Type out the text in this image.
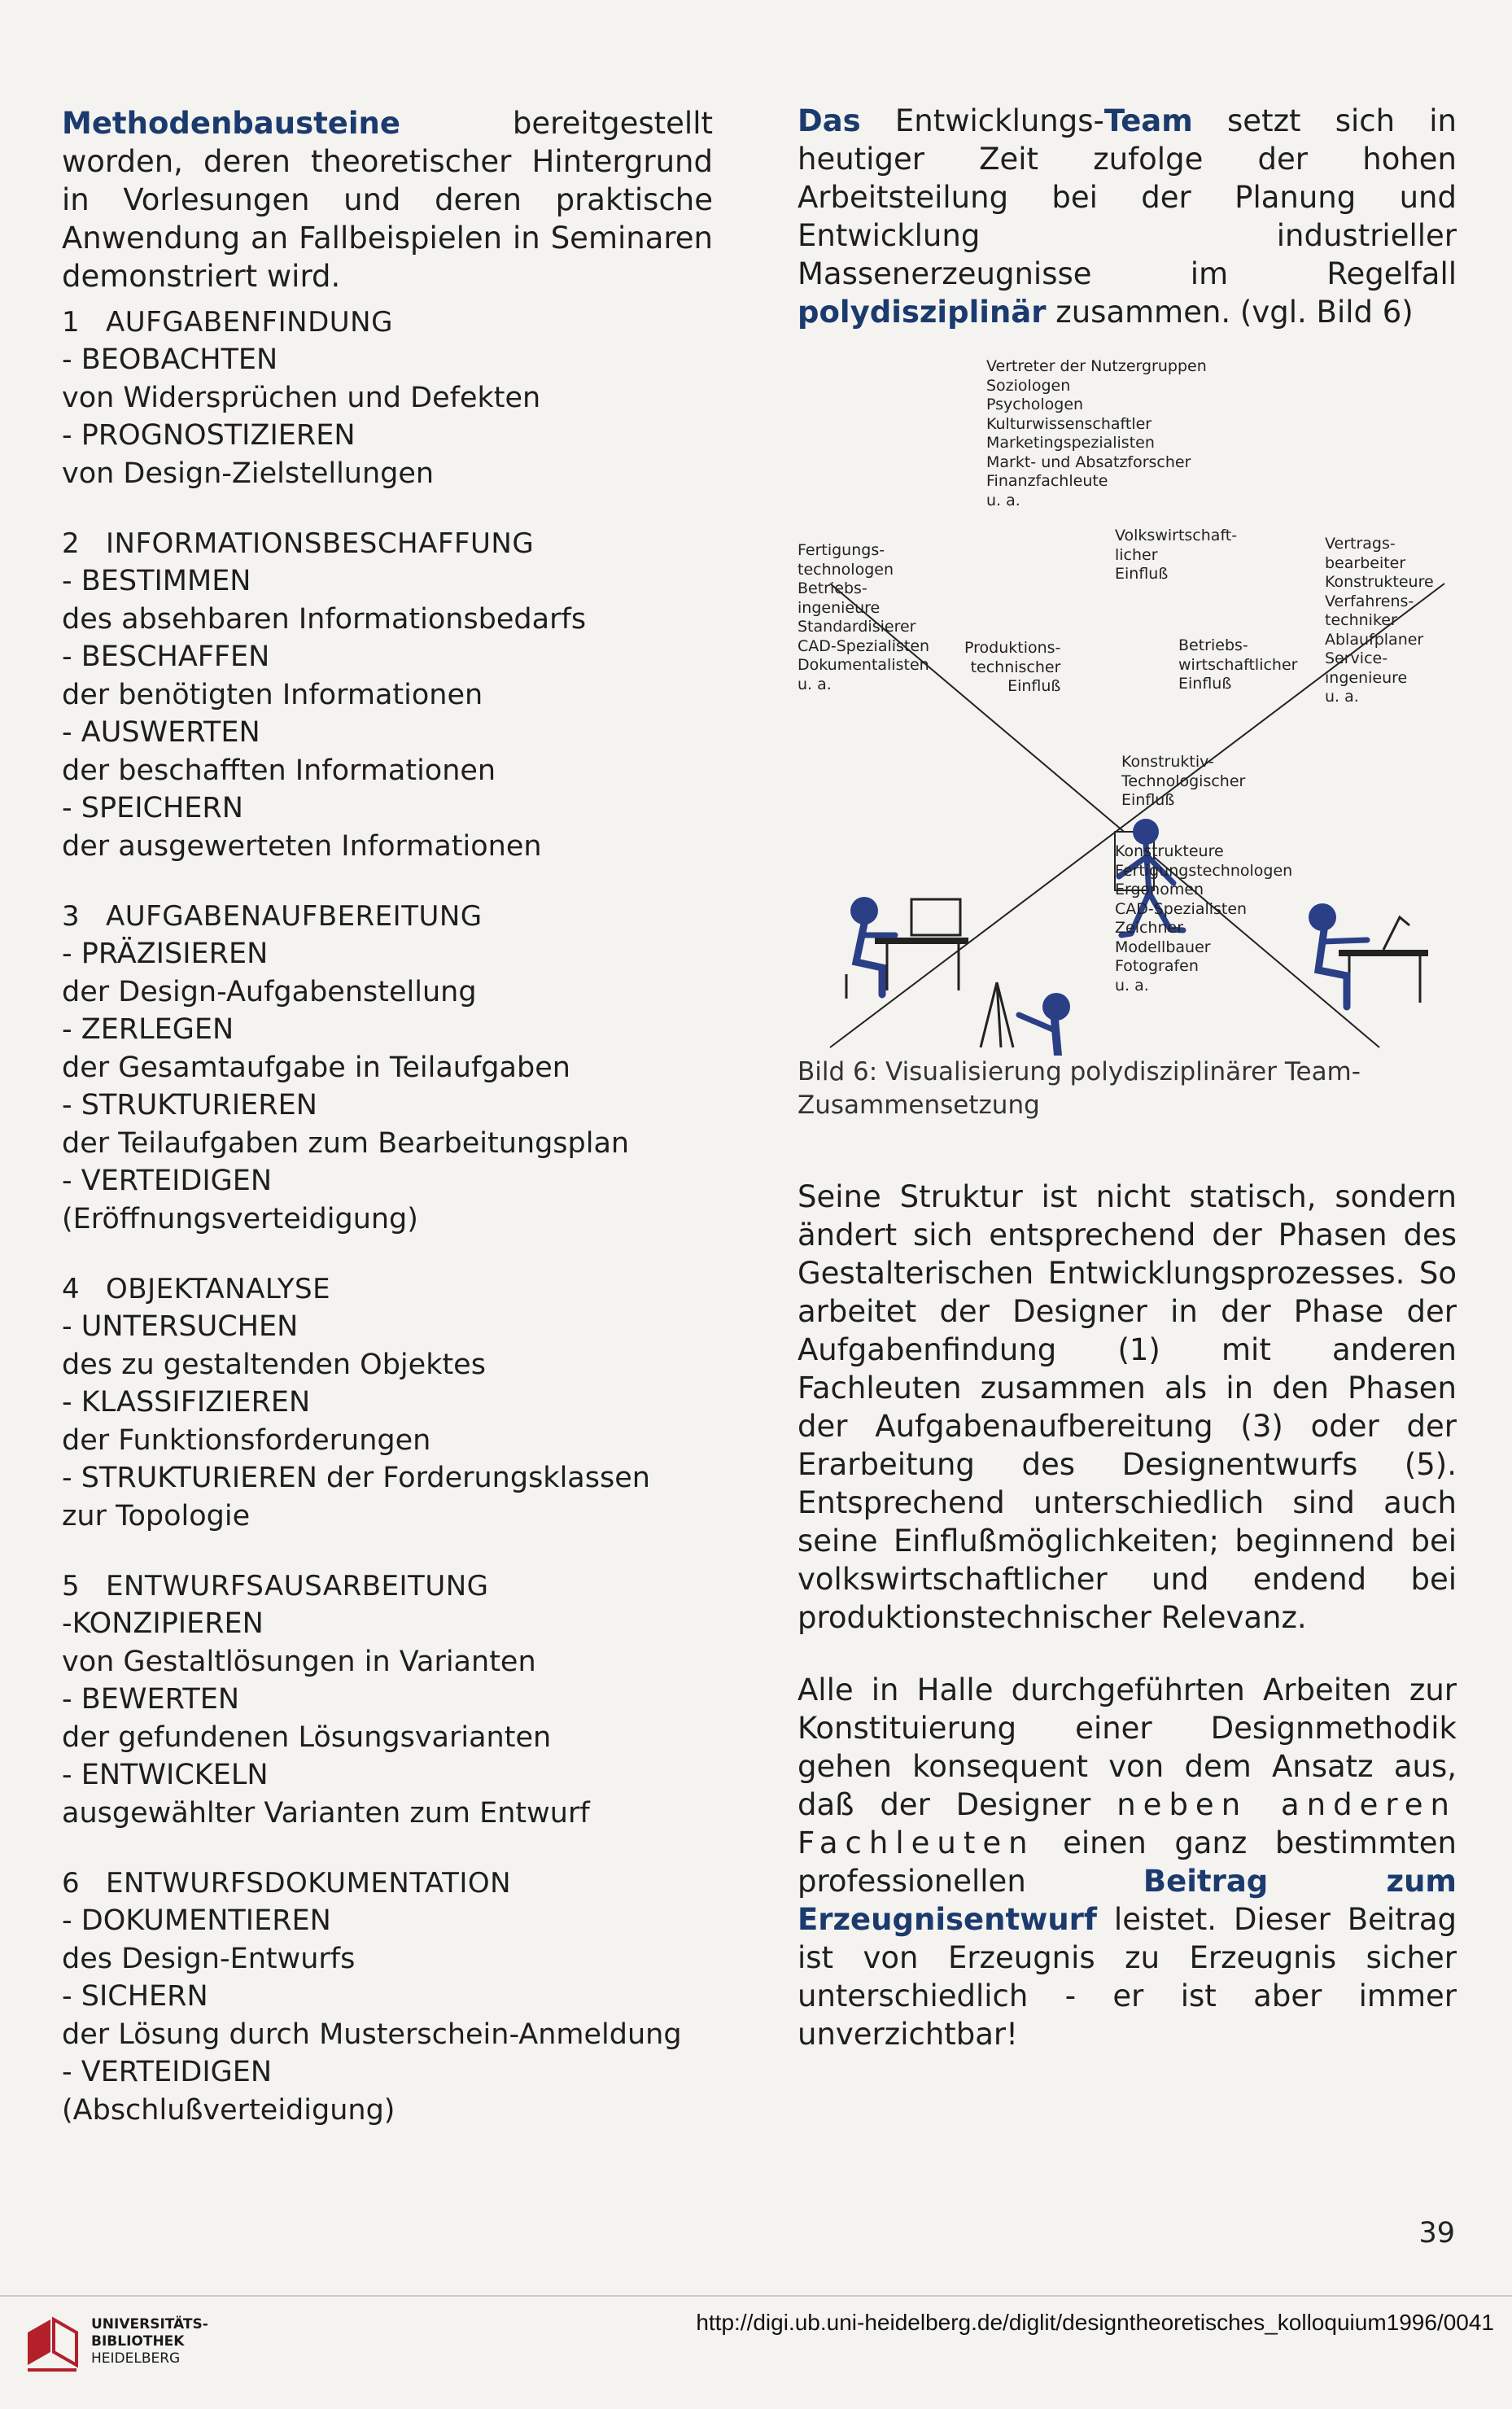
Methodenbausteine bereitgestellt worden, deren theoretischer Hintergrund in Vorlesungen und deren praktische Anwendung an Fallbeispielen in Seminaren demonstriert wird.

1 AUFGABENFINDUNG

- BEOBACHTEN

von Widersprüchen und Defekten

- PROGNOSTIZIEREN

von Design-Zielstellungen

2 INFORMATIONSBESCHAFFUNG

- BESTIMMEN

des absehbaren Informationsbedarfs

- BESCHAFFEN

der benötigten Informationen

- AUSWERTEN

der beschafften Informationen

- SPEICHERN

der ausgewerteten Informationen

3 AUFGABENAUFBEREITUNG

- PRÄZISIEREN

der Design-Aufgabenstellung

- ZERLEGEN

der Gesamtaufgabe in Teilaufgaben

- STRUKTURIEREN

der Teilaufgaben zum Bearbeitungsplan

- VERTEIDIGEN

(Eröffnungsverteidigung)

4 OBJEKTANALYSE

- UNTERSUCHEN

des zu gestaltenden Objektes

- KLASSIFIZIEREN

der Funktionsforderungen

- STRUKTURIEREN der Forderungsklassen

zur Topologie

5 ENTWURFSAUSARBEITUNG

-KONZIPIEREN

von Gestaltlösungen in Varianten

- BEWERTEN

der gefundenen Lösungsvarianten

- ENTWICKELN

ausgewählter Varianten zum Entwurf

6 ENTWURFSDOKUMENTATION

- DOKUMENTIEREN

des Design-Entwurfs

- SICHERN

der Lösung durch Musterschein-Anmeldung

- VERTEIDIGEN

(Abschlußverteidigung)

Das Entwicklungs-Team setzt sich in heutiger Zeit zufolge der hohen Arbeitsteilung bei der Planung und Entwicklung industrieller Massenerzeugnisse im Regelfall polydisziplinär zusammen. (vgl. Bild 6)

Vertreter der Nutzergruppen
Soziologen
Psychologen
Kulturwissenschaftler
Marketingspezialisten
Markt- und Absatzforscher
Finanzfachleute
u. a.
Fertigungs-
technologen
Betriebs-
ingenieure
Standardisierer
CAD-Spezialisten
Dokumentalisten
u. a.
Vertrags-
bearbeiter
Konstrukteure
Verfahrens-
techniker
Ablaufplaner
Service-
ingenieure
u. a.
Volkswirtschaft-
licher
Einfluß
Produktions-
technischer
Einfluß
Betriebs-
wirtschaftlicher
Einfluß
Konstruktiv-
Technologischer
Einfluß
Konstrukteure
Fertigungstechnologen
Ergonomen
CAD-Spezialisten
Zeichner
Modellbauer
Fotografen
u. a.

Bild 6: Visualisierung polydisziplinärer Team-Zusammensetzung

Seine Struktur ist nicht statisch, sondern ändert sich entsprechend der Phasen des Gestalterischen Entwicklungsprozesses. So arbeitet der Designer in der Phase der Aufgabenfindung (1) mit anderen Fachleuten zusammen als in den Phasen der Aufgabenaufbereitung (3) oder der Erarbeitung des Designentwurfs (5). Entsprechend unterschiedlich sind auch seine Einflußmöglichkeiten; beginnend bei volkswirtschaftlicher und endend bei produktionstechnischer Relevanz.

Alle in Halle durchgeführten Arbeiten zur Konstituierung einer Designmethodik gehen konsequent von dem Ansatz aus, daß der Designer neben anderen Fachleuten einen ganz bestimmten professionellen Beitrag zum Erzeugnisentwurf leistet. Dieser Beitrag ist von Erzeugnis zu Erzeugnis sicher unterschiedlich - er ist aber immer unverzichtbar!

39
UNIVERSITÄTS-
BIBLIOTHEK
HEIDELBERG
http://digi.ub.uni-heidelberg.de/diglit/designtheoretisches_kolloquium1996/0041
